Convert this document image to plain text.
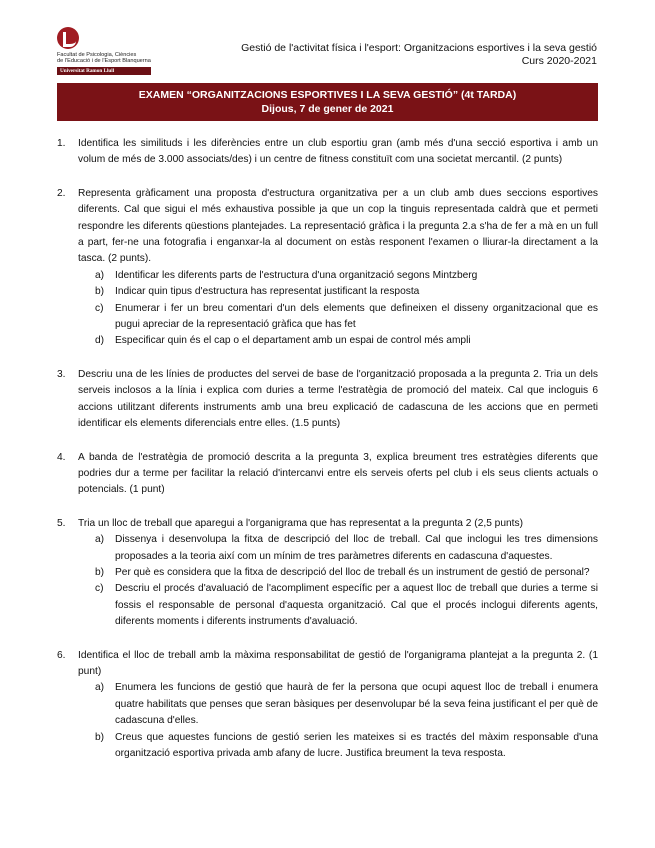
Facultat de Psicologia, Ciències
de l'Educació i de l'Esport Blanquerna
Universitat Ramon Llull
Gestió de l'activitat física i l'esport: Organitzacions esportives i la seva gestió
Curs 2020-2021
EXAMEN “ORGANITZACIONS ESPORTIVES I LA SEVA GESTIÓ” (4t TARDA)
Dijous, 7 de gener de 2021
1.	Identifica les similituds i les diferències entre un club esportiu gran (amb més d'una secció esportiva i amb un volum de més de 3.000 associats/des) i un centre de fitness constituït com una societat mercantil. (2 punts)
2.	Representa gràficament una proposta d'estructura organitzativa per a un club amb dues seccions esportives diferents. Cal que sigui el més exhaustiva possible ja que un cop la tinguis representada caldrà que et permeti respondre les diferents qüestions plantejades. La representació gràfica i la pregunta 2.a s'ha de fer a mà en un full a part, fer-ne una fotografia i enganxar-la al document on estàs responent l'examen o lliurar-la directament a la tasca. (2 punts).
a)	Identificar les diferents parts de l'estructura d'una organització segons Mintzberg
b)	Indicar quin tipus d'estructura has representat justificant la resposta
c)	Enumerar i fer un breu comentari d'un dels elements que defineixen el disseny organitzacional que es pugui apreciar de la representació gràfica que has fet
d)	Especificar quin és el cap o el departament amb un espai de control més ampli
3.	Descriu una de les línies de productes del servei de base de l'organització proposada a la pregunta 2. Tria un dels serveis inclosos a la línia i explica com duries a terme l'estratègia de promoció del mateix. Cal que incloguis 6 accions utilitzant diferents instruments amb una breu explicació de cadascuna de les accions que en permeti identificar els elements diferencials entre elles. (1.5 punts)
4.	A banda de l'estratègia de promoció descrita a la pregunta 3, explica breument tres estratègies diferents que podries dur a terme per facilitar la relació d'intercanvi entre els serveis oferts pel club i els seus clients actuals o potencials. (1 punt)
5.	Tria un lloc de treball que aparegui a l'organigrama que has representat a la pregunta 2 (2,5 punts)
a)	Dissenya i desenvolupa la fitxa de descripció del lloc de treball. Cal que inclogui les tres dimensions proposades a la teoria així com un mínim de tres paràmetres diferents en cadascuna d'aquestes.
b)	Per què es considera que la fitxa de descripció del lloc de treball és un instrument de gestió de personal?
c)	Descriu el procés d'avaluació de l'acompliment específic per a aquest lloc de treball que duries a terme si fossis el responsable de personal d'aquesta organització. Cal que el procés inclogui diferents agents, diferents moments i diferents instruments d'avaluació.
6.	Identifica el lloc de treball amb la màxima responsabilitat de gestió de l'organigrama plantejat a la pregunta 2. (1 punt)
a)	Enumera les funcions de gestió que haurà de fer la persona que ocupi aquest lloc de treball i enumera quatre habilitats que penses que seran bàsiques per desenvolupar bé la seva feina justificant el per què de cadascuna d'elles.
b)	Creus que aquestes funcions de gestió serien les mateixes si es tractés del màxim responsable d'una organització esportiva privada amb afany de lucre. Justifica breument la teva resposta.
